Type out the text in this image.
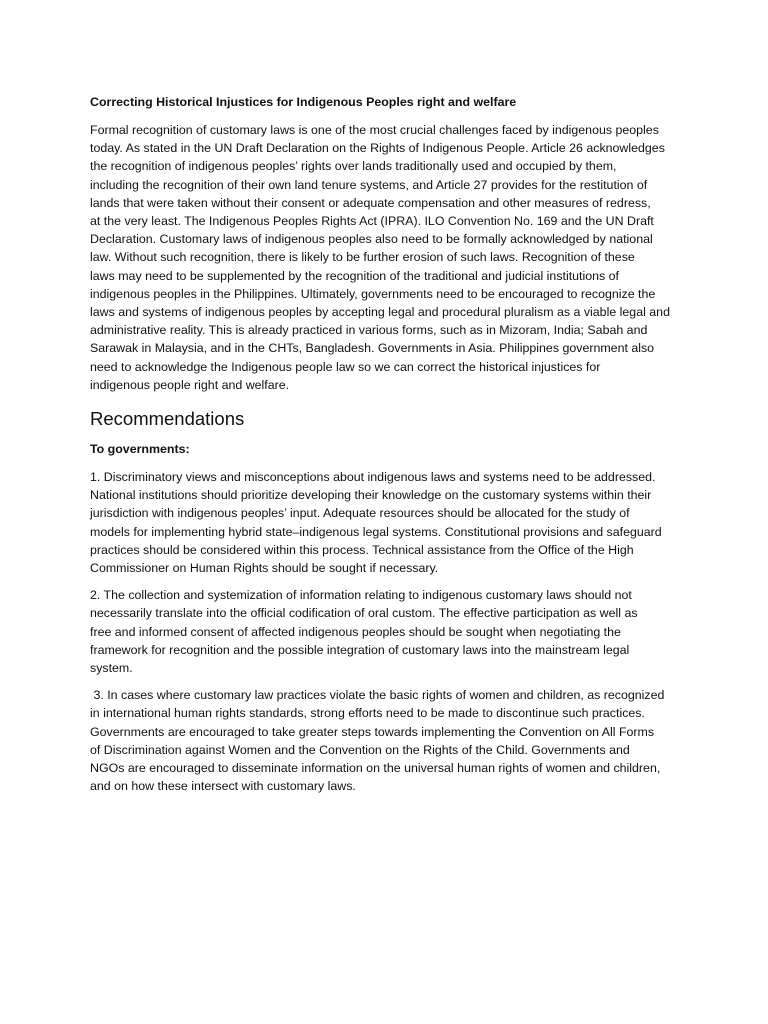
Correcting Historical Injustices for Indigenous Peoples right and welfare
Formal recognition of customary laws is one of the most crucial challenges faced by indigenous peoples
today. As stated in the UN Draft Declaration on the Rights of Indigenous People. Article 26 acknowledges
the recognition of indigenous peoples’ rights over lands traditionally used and occupied by them,
including the recognition of their own land tenure systems, and Article 27 provides for the restitution of
lands that were taken without their consent or adequate compensation and other measures of redress,
at the very least. The Indigenous Peoples Rights Act (IPRA). ILO Convention No. 169 and the UN Draft
Declaration. Customary laws of indigenous peoples also need to be formally acknowledged by national
law. Without such recognition, there is likely to be further erosion of such laws. Recognition of these
laws may need to be supplemented by the recognition of the traditional and judicial institutions of
indigenous peoples in the Philippines. Ultimately, governments need to be encouraged to recognize the
laws and systems of indigenous peoples by accepting legal and procedural pluralism as a viable legal and
administrative reality. This is already practiced in various forms, such as in Mizoram, India; Sabah and
Sarawak in Malaysia, and in the CHTs, Bangladesh. Governments in Asia. Philippines government also
need to acknowledge the Indigenous people law so we can correct the historical injustices for
indigenous people right and welfare.
Recommendations
To governments:
1. Discriminatory views and misconceptions about indigenous laws and systems need to be addressed.
National institutions should prioritize developing their knowledge on the customary systems within their
jurisdiction with indigenous peoples’ input. Adequate resources should be allocated for the study of
models for implementing hybrid state–indigenous legal systems. Constitutional provisions and safeguard
practices should be considered within this process. Technical assistance from the Office of the High
Commissioner on Human Rights should be sought if necessary.
2. The collection and systemization of information relating to indigenous customary laws should not
necessarily translate into the official codification of oral custom. The effective participation as well as
free and informed consent of affected indigenous peoples should be sought when negotiating the
framework for recognition and the possible integration of customary laws into the mainstream legal
system.
3. In cases where customary law practices violate the basic rights of women and children, as recognized
in international human rights standards, strong efforts need to be made to discontinue such practices.
Governments are encouraged to take greater steps towards implementing the Convention on All Forms
of Discrimination against Women and the Convention on the Rights of the Child. Governments and
NGOs are encouraged to disseminate information on the universal human rights of women and children,
and on how these intersect with customary laws.
